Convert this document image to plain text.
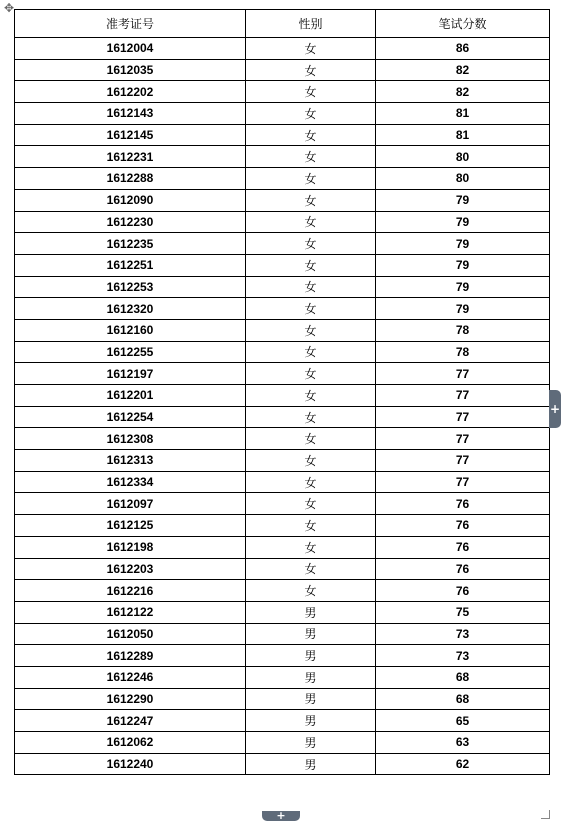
✥
准考证号	性别	笔试分数
1612004	女	86
1612035	女	82
1612202	女	82
1612143	女	81
1612145	女	81
1612231	女	80
1612288	女	80
1612090	女	79
1612230	女	79
1612235	女	79
1612251	女	79
1612253	女	79
1612320	女	79
1612160	女	78
1612255	女	78
1612197	女	77
1612201	女	77
1612254	女	77
1612308	女	77
1612313	女	77
1612334	女	77
1612097	女	76
1612125	女	76
1612198	女	76
1612203	女	76
1612216	女	76
1612122	男	75
1612050	男	73
1612289	男	73
1612246	男	68
1612290	男	68
1612247	男	65
1612062	男	63
1612240	男	62
+
+
